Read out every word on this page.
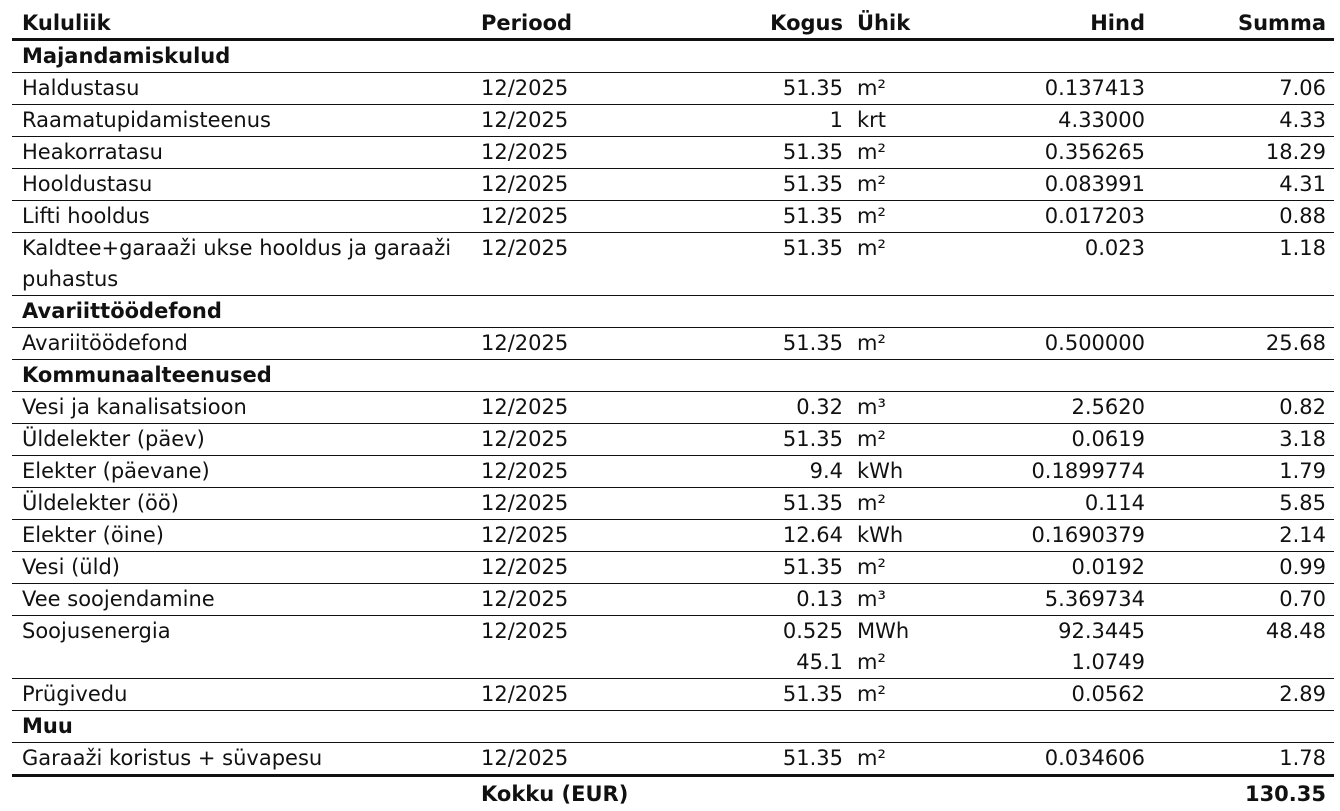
Kululiik	Periood	Kogus	Ühik	Hind	Summa
Majandamiskulud					
Haldustasu	12/2025	51.35	m²	0.137413	7.06
Raamatupidamisteenus	12/2025	1	krt	4.33000	4.33
Heakorratasu	12/2025	51.35	m²	0.356265	18.29
Hooldustasu	12/2025	51.35	m²	0.083991	4.31
Lifti hooldus	12/2025	51.35	m²	0.017203	0.88
Kaldtee+garaaži ukse hooldus ja garaaži puhastus	12/2025	51.35	m²	0.023	1.18
Avariittöödefond					
Avariitöödefond	12/2025	51.35	m²	0.500000	25.68
Kommunaalteenused					
Vesi ja kanalisatsioon	12/2025	0.32	m³	2.5620	0.82
Üldelekter (päev)	12/2025	51.35	m²	0.0619	3.18
Elekter (päevane)	12/2025	9.4	kWh	0.1899774	1.79
Üldelekter (öö)	12/2025	51.35	m²	0.114	5.85
Elekter (öine)	12/2025	12.64	kWh	0.1690379	2.14
Vesi (üld)	12/2025	51.35	m²	0.0192	0.99
Vee soojendamine	12/2025	0.13	m³	5.369734	0.70
Soojusenergia	12/2025	0.525	MWh	92.3445	48.48
		45.1	m²	1.0749	
Prügivedu	12/2025	51.35	m²	0.0562	2.89
Muu					
Garaaži koristus + süvapesu	12/2025	51.35	m²	0.034606	1.78
	Kokku (EUR)				130.35
